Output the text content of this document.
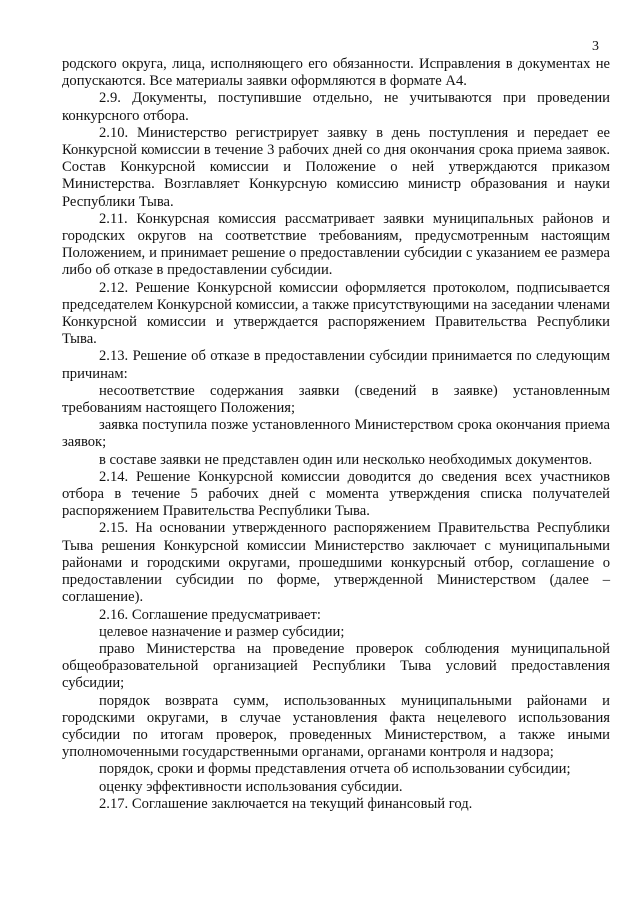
3

родского округа, лица, исполняющего его обязанности. Исправления в документах не допускаются. Все материалы заявки оформляются в формате А4.

2.9. Документы, поступившие отдельно, не учитываются при проведении конкурсного отбора.

2.10. Министерство регистрирует заявку в день поступления и передает ее Конкурсной комиссии в течение 3 рабочих дней со дня окончания срока приема заявок. Состав Конкурсной комиссии и Положение о ней утверждаются приказом Министерства. Возглавляет Конкурсную комиссию министр образования и науки Республики Тыва.

2.11. Конкурсная комиссия рассматривает заявки муниципальных районов и городских округов на соответствие требованиям, предусмотренным настоящим Положением, и принимает решение о предоставлении субсидии с указанием ее размера либо об отказе в предоставлении субсидии.

2.12. Решение Конкурсной комиссии оформляется протоколом, подписывается председателем Конкурсной комиссии, а также присутствующими на заседании членами Конкурсной комиссии и утверждается распоряжением Правительства Республики Тыва.

2.13. Решение об отказе в предоставлении субсидии принимается по следующим причинам:

несоответствие содержания заявки (сведений в заявке) установленным требованиям настоящего Положения;

заявка поступила позже установленного Министерством срока окончания приема заявок;

в составе заявки не представлен один или несколько необходимых документов.

2.14. Решение Конкурсной комиссии доводится до сведения всех участников отбора в течение 5 рабочих дней с момента утверждения списка получателей распоряжением Правительства Республики Тыва.

2.15. На основании утвержденного распоряжением Правительства Республики Тыва решения Конкурсной комиссии Министерство заключает с муниципальными районами и городскими округами, прошедшими конкурсный отбор, соглашение о предоставлении субсидии по форме, утвержденной Министерством (далее – соглашение).

2.16. Соглашение предусматривает:

целевое назначение и размер субсидии;

право Министерства на проведение проверок соблюдения муниципальной общеобразовательной организацией Республики Тыва условий предоставления субсидии;

порядок возврата сумм, использованных муниципальными районами и городскими округами, в случае установления факта нецелевого использования субсидии по итогам проверок, проведенных Министерством, а также иными уполномоченными государственными органами, органами контроля и надзора;

порядок, сроки и формы представления отчета об использовании субсидии;

оценку эффективности использования субсидии.

2.17. Соглашение заключается на текущий финансовый год.
